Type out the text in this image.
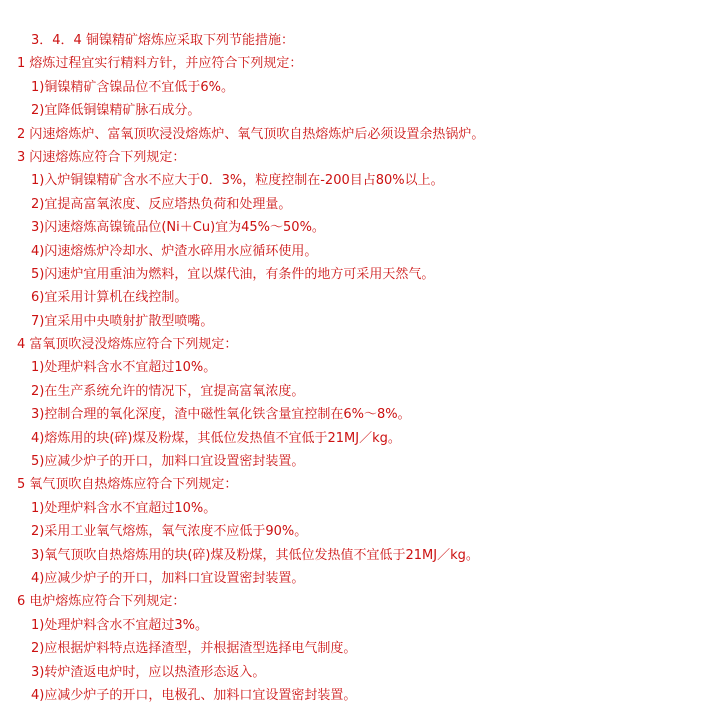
3．4．4 铜镍精矿熔炼应采取下列节能措施：
1 熔炼过程宜实行精料方针，并应符合下列规定：
1)铜镍精矿含镍品位不宜低于6%。
2)宜降低铜镍精矿脉石成分。
2 闪速熔炼炉、富氧顶吹浸没熔炼炉、氧气顶吹自热熔炼炉后必须设置余热锅炉。
3 闪速熔炼应符合下列规定：
1)入炉铜镍精矿含水不应大于0．3%，粒度控制在-200目占80%以上。
2)宜提高富氧浓度、反应塔热负荷和处理量。
3)闪速熔炼高镍锍品位(Ni＋Cu)宜为45%～50%。
4)闪速熔炼炉冷却水、炉渣水碎用水应循环使用。
5)闪速炉宜用重油为燃料，宜以煤代油，有条件的地方可采用天然气。
6)宜采用计算机在线控制。
7)宜采用中央喷射扩散型喷嘴。
4 富氧顶吹浸没熔炼应符合下列规定：
1)处理炉料含水不宜超过10%。
2)在生产系统允许的情况下，宜提高富氧浓度。
3)控制合理的氧化深度，渣中磁性氧化铁含量宜控制在6%～8%。
4)熔炼用的块(碎)煤及粉煤，其低位发热值不宜低于21MJ／kg。
5)应减少炉子的开口，加料口宜设置密封装置。
5 氧气顶吹自热熔炼应符合下列规定：
1)处理炉料含水不宜超过10%。
2)采用工业氧气熔炼，氧气浓度不应低于90%。
3)氧气顶吹自热熔炼用的块(碎)煤及粉煤，其低位发热值不宜低于21MJ／kg。
4)应减少炉子的开口，加料口宜设置密封装置。
6 电炉熔炼应符合下列规定：
1)处理炉料含水不宜超过3%。
2)应根据炉料特点选择渣型，并根据渣型选择电气制度。
3)转炉渣返电炉时，应以热渣形态返入。
4)应减少炉子的开口，电极孔、加料口宜设置密封装置。
